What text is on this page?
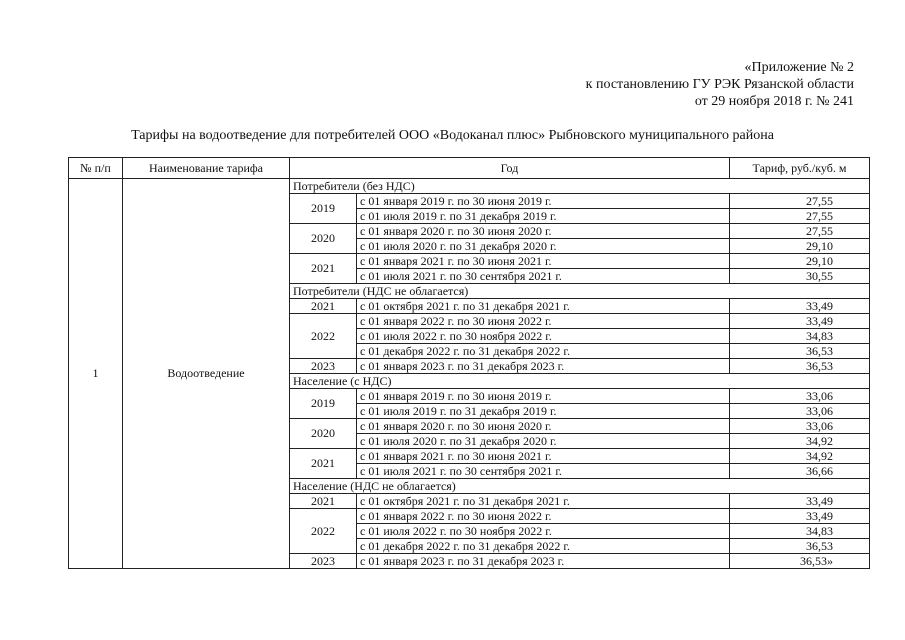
«Приложение № 2
к постановлению ГУ РЭК Рязанской области
от 29 ноября 2018 г. № 241
Тарифы на водоотведение для потребителей ООО «Водоканал плюс» Рыбновского муниципального района
№ п/п	Наименование тарифа	Год		Тариф, руб./куб. м
1	Водоотведение	Потребители (без НДС)		
		2019	с 01 января 2019 г. по 30 июня 2019 г.	27,55
			с 01 июля 2019 г. по 31 декабря 2019 г.	27,55
		2020	с 01 января 2020 г. по 30 июня 2020 г.	27,55
			с 01 июля 2020 г. по 31 декабря 2020 г.	29,10
		2021	с 01 января 2021 г. по 30 июня 2021 г.	29,10
			с 01 июля 2021 г. по 30 сентября 2021 г.	30,55
		Потребители (НДС не облагается)		
		2021	с 01 октября 2021 г. по 31 декабря 2021 г.	33,49
		2022	с 01 января 2022 г. по 30 июня 2022 г.	33,49
			с 01 июля 2022 г. по 30 ноября 2022 г.	34,83
			с 01 декабря 2022 г. по 31 декабря 2022 г.	36,53
		2023	с 01 января 2023 г. по 31 декабря 2023 г.	36,53
		Население (с НДС)		
		2019	с 01 января 2019 г. по 30 июня 2019 г.	33,06
			с 01 июля 2019 г. по 31 декабря 2019 г.	33,06
		2020	с 01 января 2020 г. по 30 июня 2020 г.	33,06
			с 01 июля 2020 г. по 31 декабря 2020 г.	34,92
		2021	с 01 января 2021 г. по 30 июня 2021 г.	34,92
			с 01 июля 2021 г. по 30 сентября 2021 г.	36,66
		Население (НДС не облагается)		
		2021	с 01 октября 2021 г. по 31 декабря 2021 г.	33,49
		2022	с 01 января 2022 г. по 30 июня 2022 г.	33,49
			с 01 июля 2022 г. по 30 ноября 2022 г.	34,83
			с 01 декабря 2022 г. по 31 декабря 2022 г.	36,53
		2023	с 01 января 2023 г. по 31 декабря 2023 г.	36,53»
